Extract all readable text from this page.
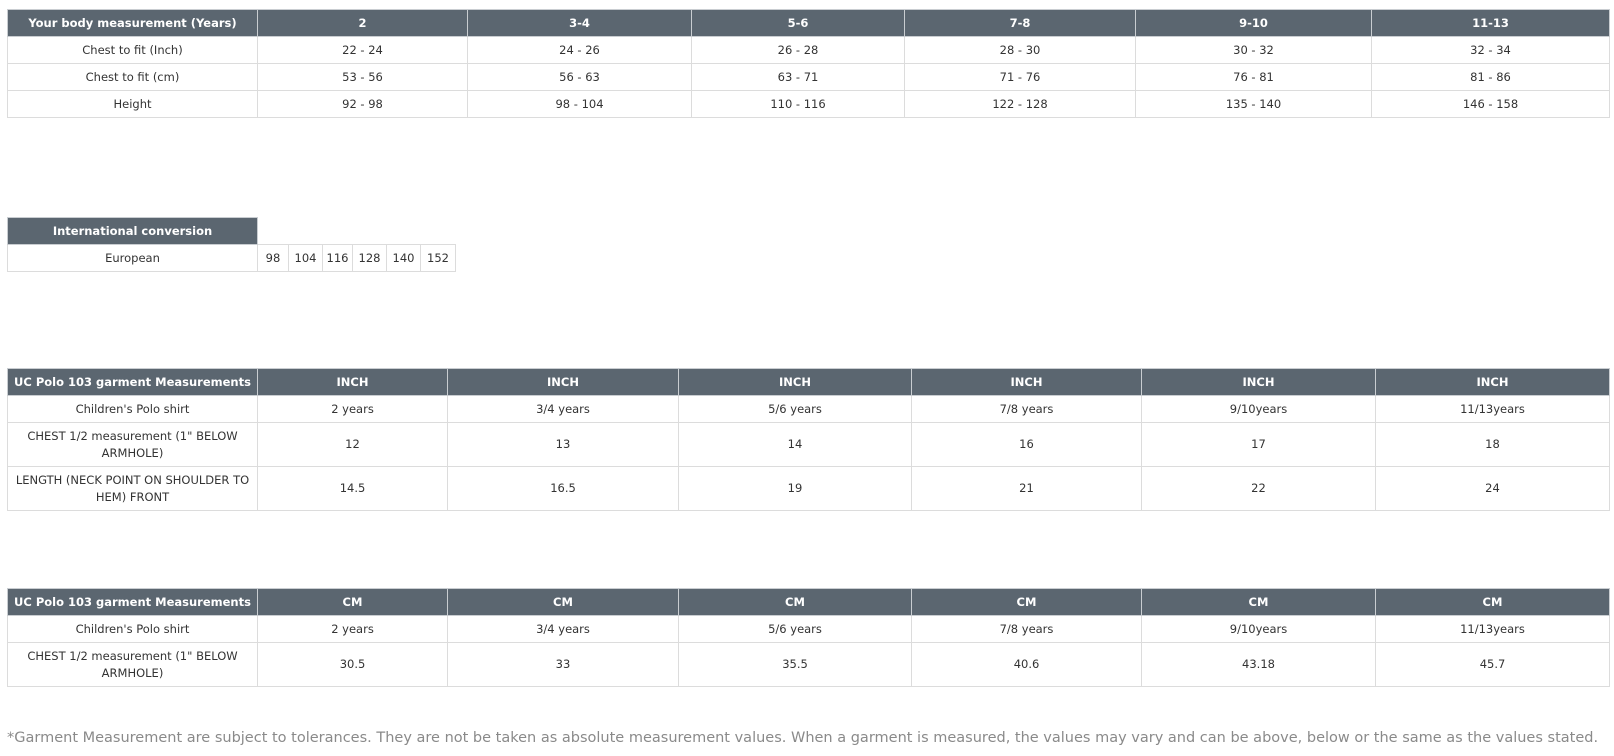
Your body measurement (Years)	2	3-4	5-6	7-8	9-10	11-13
Chest to fit (Inch)	22 - 24	24 - 26	26 - 28	28 - 30	30 - 32	32 - 34
Chest to fit (cm)	53 - 56	56 - 63	63 - 71	71 - 76	76 - 81	81 - 86
Height	92 - 98	98 - 104	110 - 116	122 - 128	135 - 140	146 - 158
International conversion						
European	98	104	116	128	140	152
UC Polo 103 garment Measurements	INCH	INCH	INCH	INCH	INCH	INCH
Children's Polo shirt	2 years	3/4 years	5/6 years	7/8 years	9/10years	11/13years
CHEST 1/2 measurement (1" BELOW ARMHOLE)	12	13	14	16	17	18
LENGTH (NECK POINT ON SHOULDER TO HEM) FRONT	14.5	16.5	19	21	22	24
UC Polo 103 garment Measurements	CM	CM	CM	CM	CM	CM
Children's Polo shirt	2 years	3/4 years	5/6 years	7/8 years	9/10years	11/13years
CHEST 1/2 measurement (1" BELOW ARMHOLE)	30.5	33	35.5	40.6	43.18	45.7

*Garment Measurement are subject to tolerances. They are not be taken as absolute measurement values. When a garment is measured, the values may vary and can be above, below or the same as the values stated.
